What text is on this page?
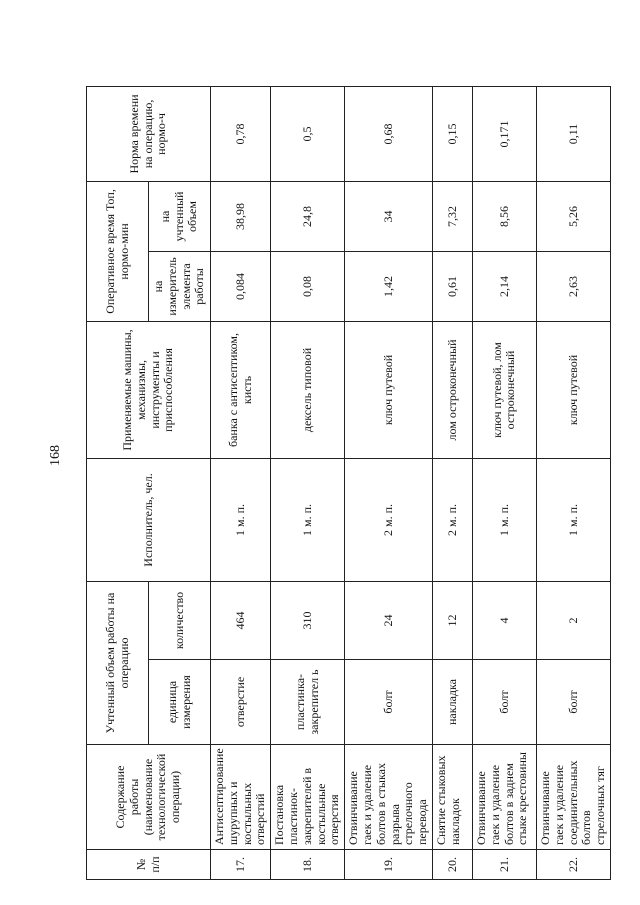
168
№ п/п	Содержание работы (наименование технологической операции)	Учтенный объем работы на операцию		Исполнитель, чел.	Применяемые машины, механизмы, инструменты и приспособления	Оперативное время Топ, нормо-мин		Норма времени на операцию, нормо-ч
		единица измерения	количество			на измеритель элемента работы	на учтенный объем	
17.	Антисептирование шурупных и костыльных отверстий	отверстие	464	1 м. п.	банка с антисептиком, кисть	0,084	38,98	0,78
18.	Постановка пластинок-закрепителей в костыльные отверстия	пластинка-закрепител ь	310	1 м. п.	дексель типовой	0,08	24,8	0,5
19.	Отвинчивание гаек и удаление болтов в стыках разрыва стрелочного перевода	болт	24	2 м. п.	ключ путевой	1,42	34	0,68
20.	Снятие стыковых накладок	накладка	12	2 м. п.	лом остроконечный	0,61	7,32	0,15
21.	Отвинчивание гаек и удаление болтов в заднем стыке крестовины	болт	4	1 м. п.	ключ путевой, лом остроконечный	2,14	8,56	0,171
22.	Отвинчивание гаек и удаление соединительных болтов стрелочных тяг	болт	2	1 м. п.	ключ путевой	2,63	5,26	0,11
